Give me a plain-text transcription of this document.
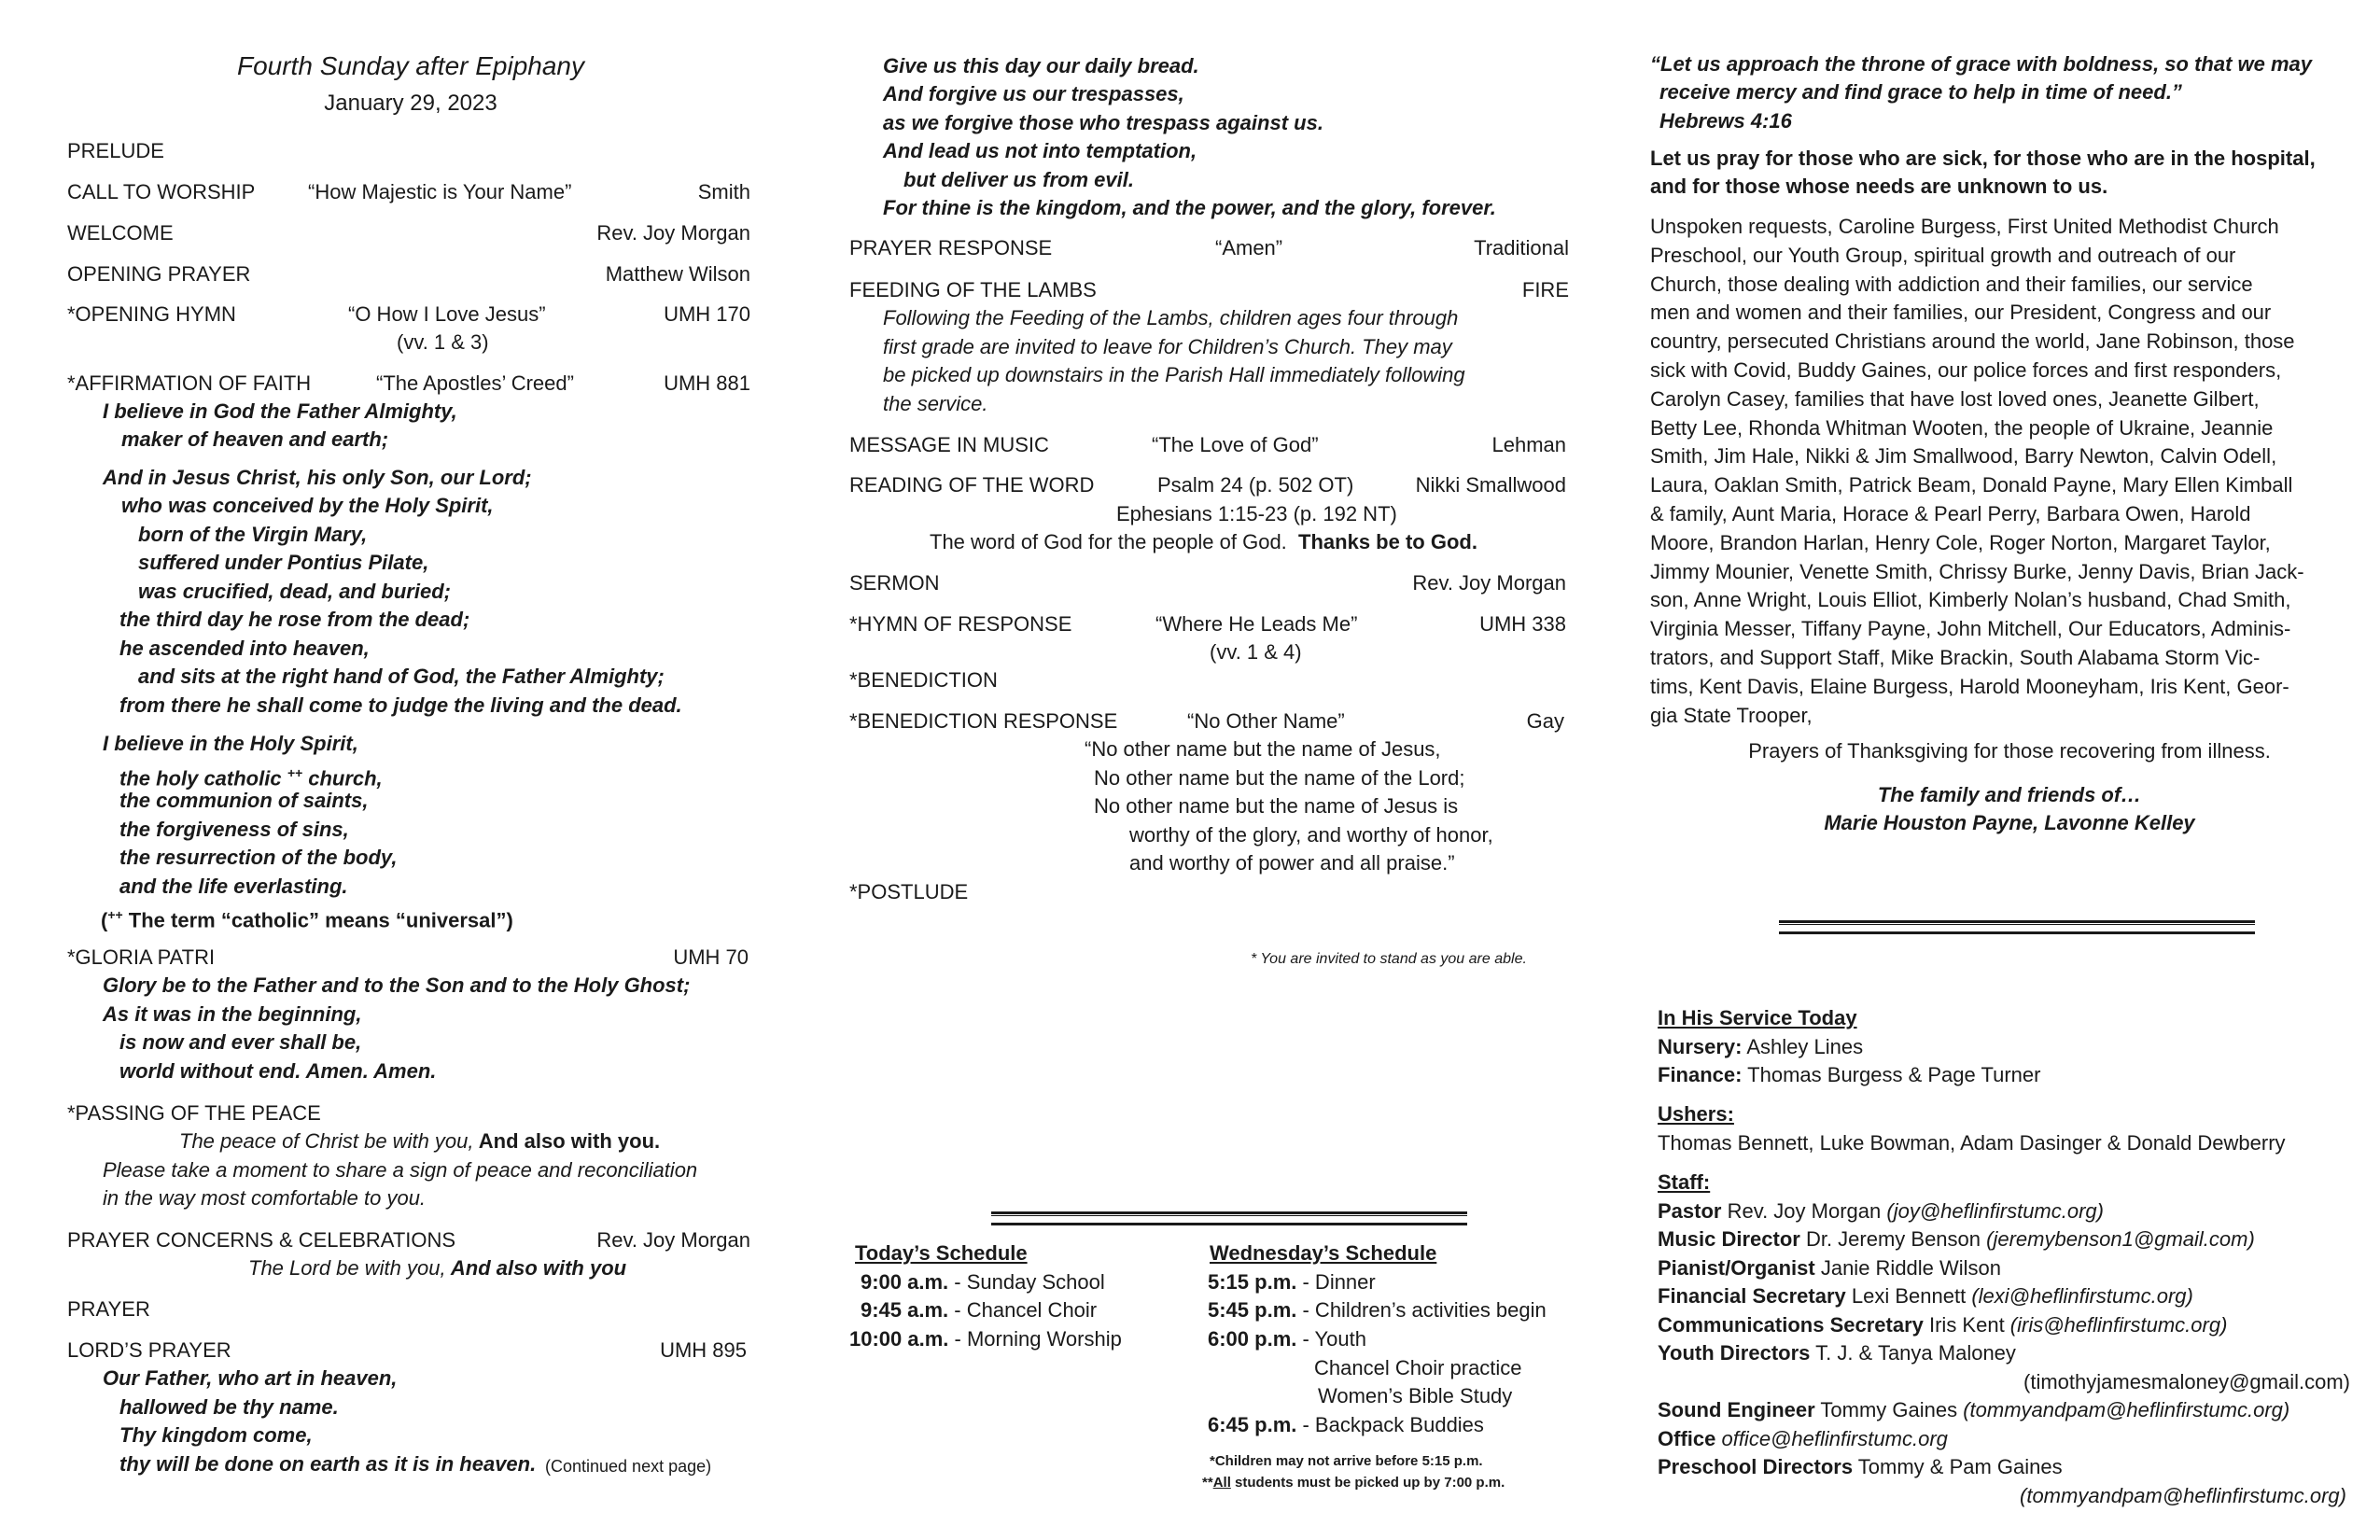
Fourth Sunday after Epiphany
January 29, 2023
PRELUDE
CALL TO WORSHIP	“How Majestic is Your Name”	Smith
WELCOME	Rev. Joy Morgan
OPENING PRAYER	Matthew Wilson
*OPENING HYMN	“O How I Love Jesus”	UMH 170
(vv. 1 & 3)
*AFFIRMATION OF FAITH	“The Apostles’ Creed”	UMH 881
I believe in God the Father Almighty,
maker of heaven and earth;
And in Jesus Christ, his only Son, our Lord;
who was conceived by the Holy Spirit,
born of the Virgin Mary,
suffered under Pontius Pilate,
was crucified, dead, and buried;
the third day he rose from the dead;
he ascended into heaven,
and sits at the right hand of God, the Father Almighty;
from there he shall come to judge the living and the dead.
I believe in the Holy Spirit,
the holy catholic ++ church,
the communion of saints,
the forgiveness of sins,
the resurrection of the body,
and the life everlasting.
(++ The term “catholic” means “universal”)
*GLORIA PATRI	UMH 70
Glory be to the Father and to the Son and to the Holy Ghost;
As it was in the beginning,
is now and ever shall be,
world without end. Amen. Amen.
*PASSING OF THE PEACE
The peace of Christ be with you, And also with you.
Please take a moment to share a sign of peace and reconciliation
in the way most comfortable to you.
PRAYER CONCERNS & CELEBRATIONS	Rev. Joy Morgan
The Lord be with you, And also with you
PRAYER
LORD’S PRAYER	UMH 895
Our Father, who art in heaven,
hallowed be thy name.
Thy kingdom come,
thy will be done on earth as it is in heaven. (Continued next page)
Give us this day our daily bread.
And forgive us our trespasses,
as we forgive those who trespass against us.
And lead us not into temptation,
but deliver us from evil.
For thine is the kingdom, and the power, and the glory, forever.
PRAYER RESPONSE	“Amen”	Traditional
FEEDING OF THE LAMBS	FIRE
Following the Feeding of the Lambs, children ages four through
first grade are invited to leave for Children’s Church. They may
be picked up downstairs in the Parish Hall immediately following
the service.
MESSAGE IN MUSIC	“The Love of God”	Lehman
READING OF THE WORD	Psalm 24 (p. 502 OT)	Nikki Smallwood
Ephesians 1:15-23 (p. 192 NT)
The word of God for the people of God. Thanks be to God.
SERMON	Rev. Joy Morgan
*HYMN OF RESPONSE	“Where He Leads Me”	UMH 338
(vv. 1 & 4)
*BENEDICTION
*BENEDICTION RESPONSE	“No Other Name”	Gay
“No other name but the name of Jesus,
No other name but the name of the Lord;
No other name but the name of Jesus is
worthy of the glory, and worthy of honor,
and worthy of power and all praise.”
*POSTLUDE
* You are invited to stand as you are able.
Today’s Schedule
9:00 a.m. - Sunday School
9:45 a.m. - Chancel Choir
10:00 a.m. - Morning Worship
Wednesday’s Schedule
5:15 p.m. - Dinner
5:45 p.m. - Children’s activities begin
6:00 p.m. - Youth
Chancel Choir practice
Women’s Bible Study
6:45 p.m. - Backpack Buddies
*Children may not arrive before 5:15 p.m.
**All students must be picked up by 7:00 p.m.
“Let us approach the throne of grace with boldness, so that we may
receive mercy and find grace to help in time of need.”
Hebrews 4:16
Let us pray for those who are sick, for those who are in the hospital,
and for those whose needs are unknown to us.
Unspoken requests, Caroline Burgess, First United Methodist Church
Preschool, our Youth Group, spiritual growth and outreach of our
Church, those dealing with addiction and their families, our service
men and women and their families, our President, Congress and our
country, persecuted Christians around the world, Jane Robinson, those
sick with Covid, Buddy Gaines, our police forces and first responders,
Carolyn Casey, families that have lost loved ones, Jeanette Gilbert,
Betty Lee, Rhonda Whitman Wooten, the people of Ukraine, Jeannie
Smith, Jim Hale, Nikki & Jim Smallwood, Barry Newton, Calvin Odell,
Laura, Oaklan Smith, Patrick Beam, Donald Payne, Mary Ellen Kimball
& family, Aunt Maria, Horace & Pearl Perry, Barbara Owen, Harold
Moore, Brandon Harlan, Henry Cole, Roger Norton, Margaret Taylor,
Jimmy Mounier, Venette Smith, Chrissy Burke, Jenny Davis, Brian Jack-
son, Anne Wright, Louis Elliot, Kimberly Nolan’s husband, Chad Smith,
Virginia Messer, Tiffany Payne, John Mitchell, Our Educators, Adminis-
trators, and Support Staff, Mike Brackin, South Alabama Storm Vic-
tims, Kent Davis, Elaine Burgess, Harold Mooneyham, Iris Kent, Geor-
gia State Trooper,
Prayers of Thanksgiving for those recovering from illness.
The family and friends of…
Marie Houston Payne, Lavonne Kelley
In His Service Today
Nursery: Ashley Lines
Finance: Thomas Burgess & Page Turner
Ushers:
Thomas Bennett, Luke Bowman, Adam Dasinger & Donald Dewberry
Staff:
Pastor Rev. Joy Morgan (joy@heflinfirstumc.org)
Music Director Dr. Jeremy Benson (jeremybenson1@gmail.com)
Pianist/Organist Janie Riddle Wilson
Financial Secretary Lexi Bennett (lexi@heflinfirstumc.org)
Communications Secretary Iris Kent (iris@heflinfirstumc.org)
Youth Directors T. J. & Tanya Maloney
(timothyjamesmaloney@gmail.com)
Sound Engineer Tommy Gaines (tommyandpam@heflinfirstumc.org)
Office office@heflinfirstumc.org
Preschool Directors Tommy & Pam Gaines
(tommyandpam@heflinfirstumc.org)
